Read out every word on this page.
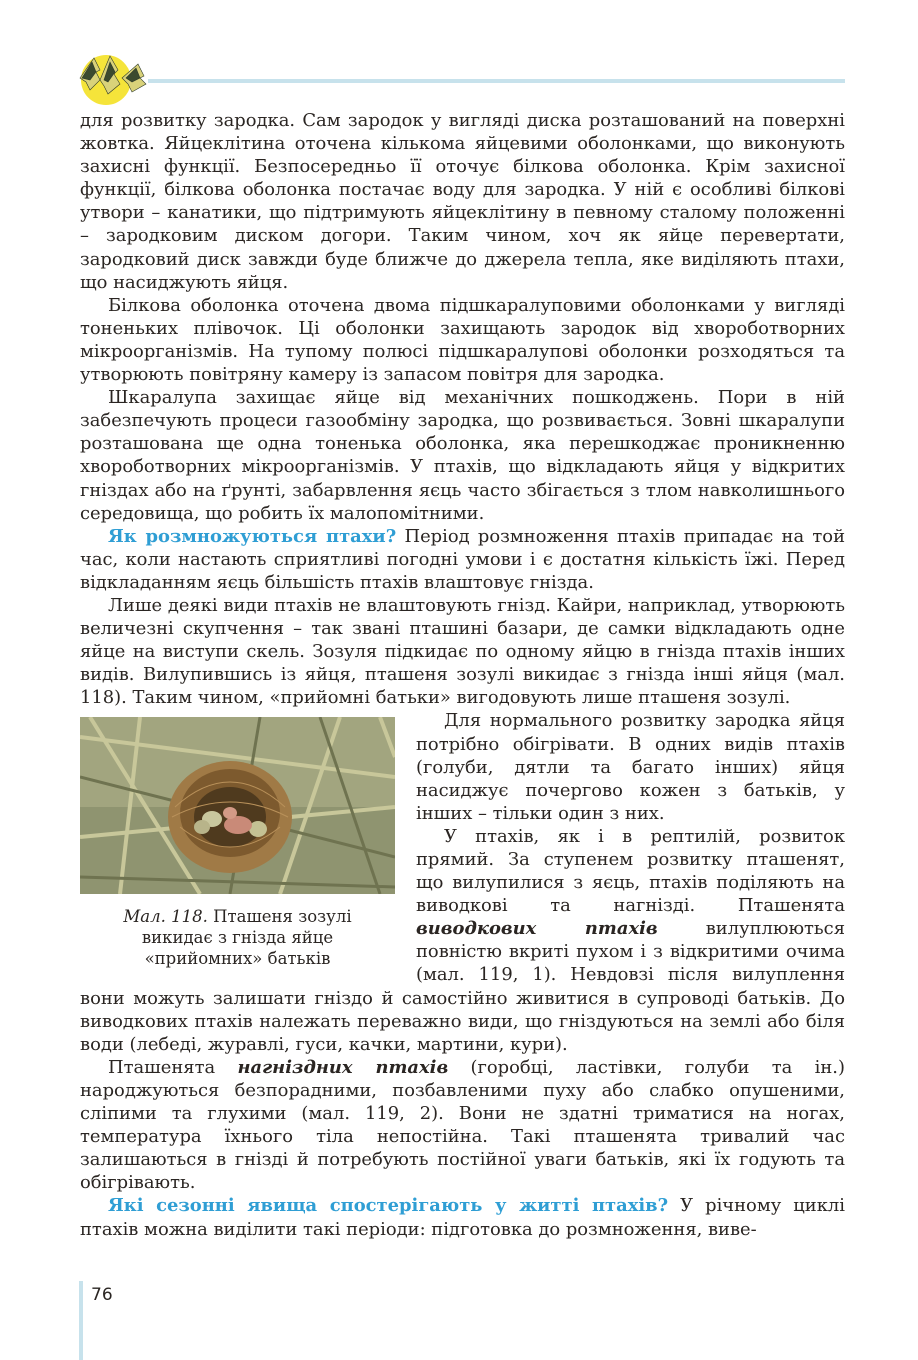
для розвитку зародка. Сам зародок у вигляді диска розташований на поверхні жовтка. Яйцеклітина оточена кількома яйцевими оболонками, що виконують захисні функції. Безпосередньо її оточує білкова оболонка. Крім захисної функції, білкова оболонка постачає воду для зародка. У ній є особливі білкові утвори – канатики, що підтримують яйцеклітину в певному сталому положенні – зародковим диском догори. Таким чином, хоч як яйце перевертати, зародковий диск завжди буде ближче до джерела тепла, яке виділяють птахи, що насиджують яйця.

Білкова оболонка оточена двома підшкаралуповими оболонками у вигляді тоненьких плівочок. Ці оболонки захищають зародок від хвороботворних мікроорганізмів. На тупому полюсі підшкаралупові оболонки розходяться та утворюють повітряну камеру із запасом повітря для зародка.

Шкаралупа захищає яйце від механічних пошкоджень. Пори в ній забезпечують процеси газообміну зародка, що розвивається. Зовні шкаралупи розташована ще одна тоненька оболонка, яка перешкоджає проникненню хвороботворних мікроорганізмів. У птахів, що відкладають яйця у відкритих гніздах або на ґрунті, забарвлення яєць часто збігається з тлом навколишнього середовища, що робить їх малопомітними.

Як розмножуються птахи? Період розмноження птахів припадає на той час, коли настають сприятливі погодні умови і є достатня кількість їжі. Перед відкладанням яєць більшість птахів влаштовує гнізда.

Лише деякі види птахів не влаштовують гнізд. Кайри, наприклад, утворюють величезні скупчення – так звані пташині базари, де самки відкладають одне яйце на виступи скель. Зозуля підкидає по одному яйцю в гнізда птахів інших видів. Вилупившись із яйця, пташеня зозулі викидає з гнізда інші яйця (мал. 118). Таким чином, «прийомні батьки» вигодовують лише пташеня зозулі.

Мал. 118. Пташеня зозулі
викидає з гнізда яйце
«прийомних» батьків

Для нормального розвитку зародка яйця потрібно обігрівати. В одних видів птахів (голуби, дятли та багато інших) яйця насиджує почергово кожен з батьків, у інших – тільки один з них.

У птахів, як і в рептилій, розвиток прямий. За ступенем розвитку пташенят, що вилупилися з яєць, птахів поділяють на виводкові та нагнізді. Пташенята виводкових птахів вилуплюються повністю вкриті пухом і з відкритими очима (мал. 119, 1). Невдовзі після вилуплення вони можуть залишати гніздо й самостійно живитися в супроводі батьків. До виводкових птахів належать переважно види, що гніздуються на землі або біля води (лебеді, журавлі, гуси, качки, мартини, кури).

Пташенята нагніздних птахів (горобці, ластівки, голуби та ін.) народжуються безпорадними, позбавленими пуху або слабко опушеними, сліпими та глухими (мал. 119, 2). Вони не здатні триматися на ногах, температура їхнього тіла непостійна. Такі пташенята тривалий час залишаються в гнізді й потребують постійної уваги батьків, які їх годують та обігрівають.

Які сезонні явища спостерігають у житті птахів? У річному циклі птахів можна виділити такі періоди: підготовка до розмноження, виве-

76
